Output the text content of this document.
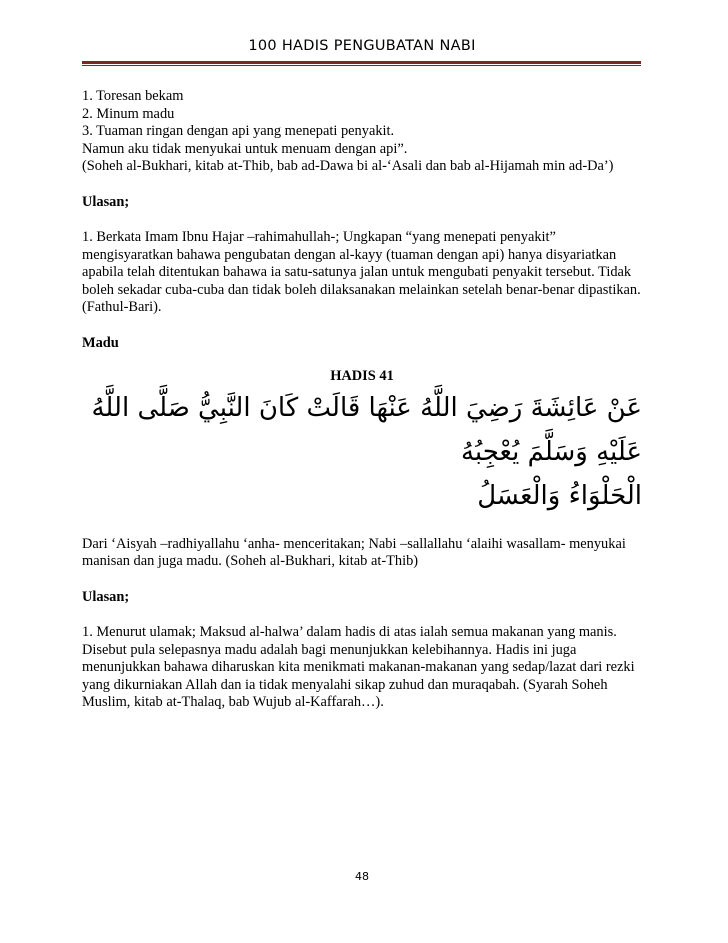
100 HADIS PENGUBATAN NABI

1. Toresan bekam

2. Minum madu

3. Tuaman ringan dengan api yang menepati penyakit.

Namun aku tidak menyukai untuk menuam dengan api”.

(Soheh al-Bukhari, kitab at-Thib, bab ad-Dawa bi al-‘Asali dan bab al-Hijamah min ad-Da’)

Ulasan;

1. Berkata Imam Ibnu Hajar –rahimahullah-; Ungkapan “yang menepati penyakit” mengisyaratkan bahawa pengubatan dengan al-kayy (tuaman dengan api) hanya disyariatkan apabila telah ditentukan bahawa ia satu-satunya jalan untuk mengubati penyakit tersebut. Tidak boleh sekadar cuba-cuba dan tidak boleh dilaksanakan melainkan setelah benar-benar dipastikan. (Fathul-Bari).

Madu

HADIS 41

عَنْ عَائِشَةَ رَضِيَ اللَّهُ عَنْهَا قَالَتْ كَانَ النَّبِيُّ صَلَّى اللَّهُ عَلَيْهِ وَسَلَّمَ يُعْجِبُهُ

الْحَلْوَاءُ وَالْعَسَلُ

Dari ‘Aisyah –radhiyallahu ‘anha- menceritakan; Nabi –sallallahu ‘alaihi wasallam- menyukai manisan dan juga madu. (Soheh al-Bukhari, kitab at-Thib)

Ulasan;

1. Menurut ulamak; Maksud al-halwa’ dalam hadis di atas ialah semua makanan yang manis. Disebut pula selepasnya madu adalah bagi menunjukkan kelebihannya. Hadis ini juga menunjukkan bahawa diharuskan kita menikmati makanan-makanan yang sedap/lazat dari rezki yang dikurniakan Allah dan ia tidak menyalahi sikap zuhud dan muraqabah. (Syarah Soheh Muslim, kitab at-Thalaq, bab Wujub al-Kaffarah…).

48
